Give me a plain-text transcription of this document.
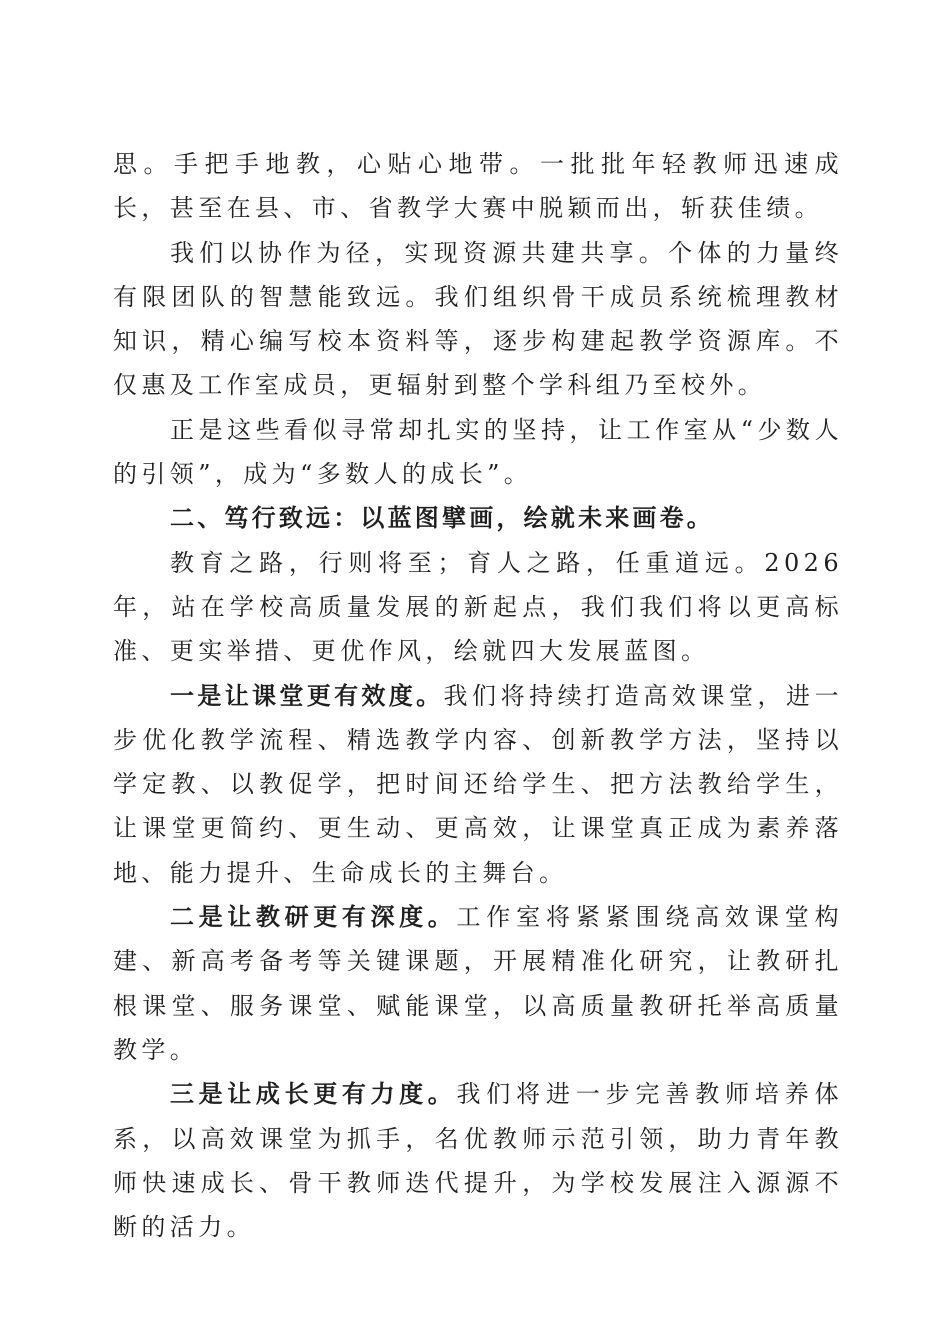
思。手把手地教，心贴心地带。一批批年轻教师迅速成长，甚至在县、市、省教学大赛中脱颖而出，斩获佳绩。

我们以协作为径，实现资源共建共享。个体的力量终有限团队的智慧能致远。我们组织骨干成员系统梳理教材知识，精心编写校本资料等，逐步构建起教学资源库。不仅惠及工作室成员，更辐射到整个学科组乃至校外。

正是这些看似寻常却扎实的坚持，让工作室从“少数人的引领”，成为“多数人的成长”。

二、笃行致远：以蓝图擘画，绘就未来画卷。

教育之路，行则将至；育人之路，任重道远。2026 年，站在学校高质量发展的新起点，我们我们将以更高标准、更实举措、更优作风，绘就四大发展蓝图。

一是让课堂更有效度。我们将持续打造高效课堂，进一步优化教学流程、精选教学内容、创新教学方法，坚持以学定教、以教促学，把时间还给学生、把方法教给学生，让课堂更简约、更生动、更高效，让课堂真正成为素养落地、能力提升、生命成长的主舞台。

二是让教研更有深度。工作室将紧紧围绕高效课堂构建、新高考备考等关键课题，开展精准化研究，让教研扎根课堂、服务课堂、赋能课堂，以高质量教研托举高质量教学。

三是让成长更有力度。我们将进一步完善教师培养体系，以高效课堂为抓手，名优教师示范引领，助力青年教师快速成长、骨干教师迭代提升，为学校发展注入源源不断的活力。
